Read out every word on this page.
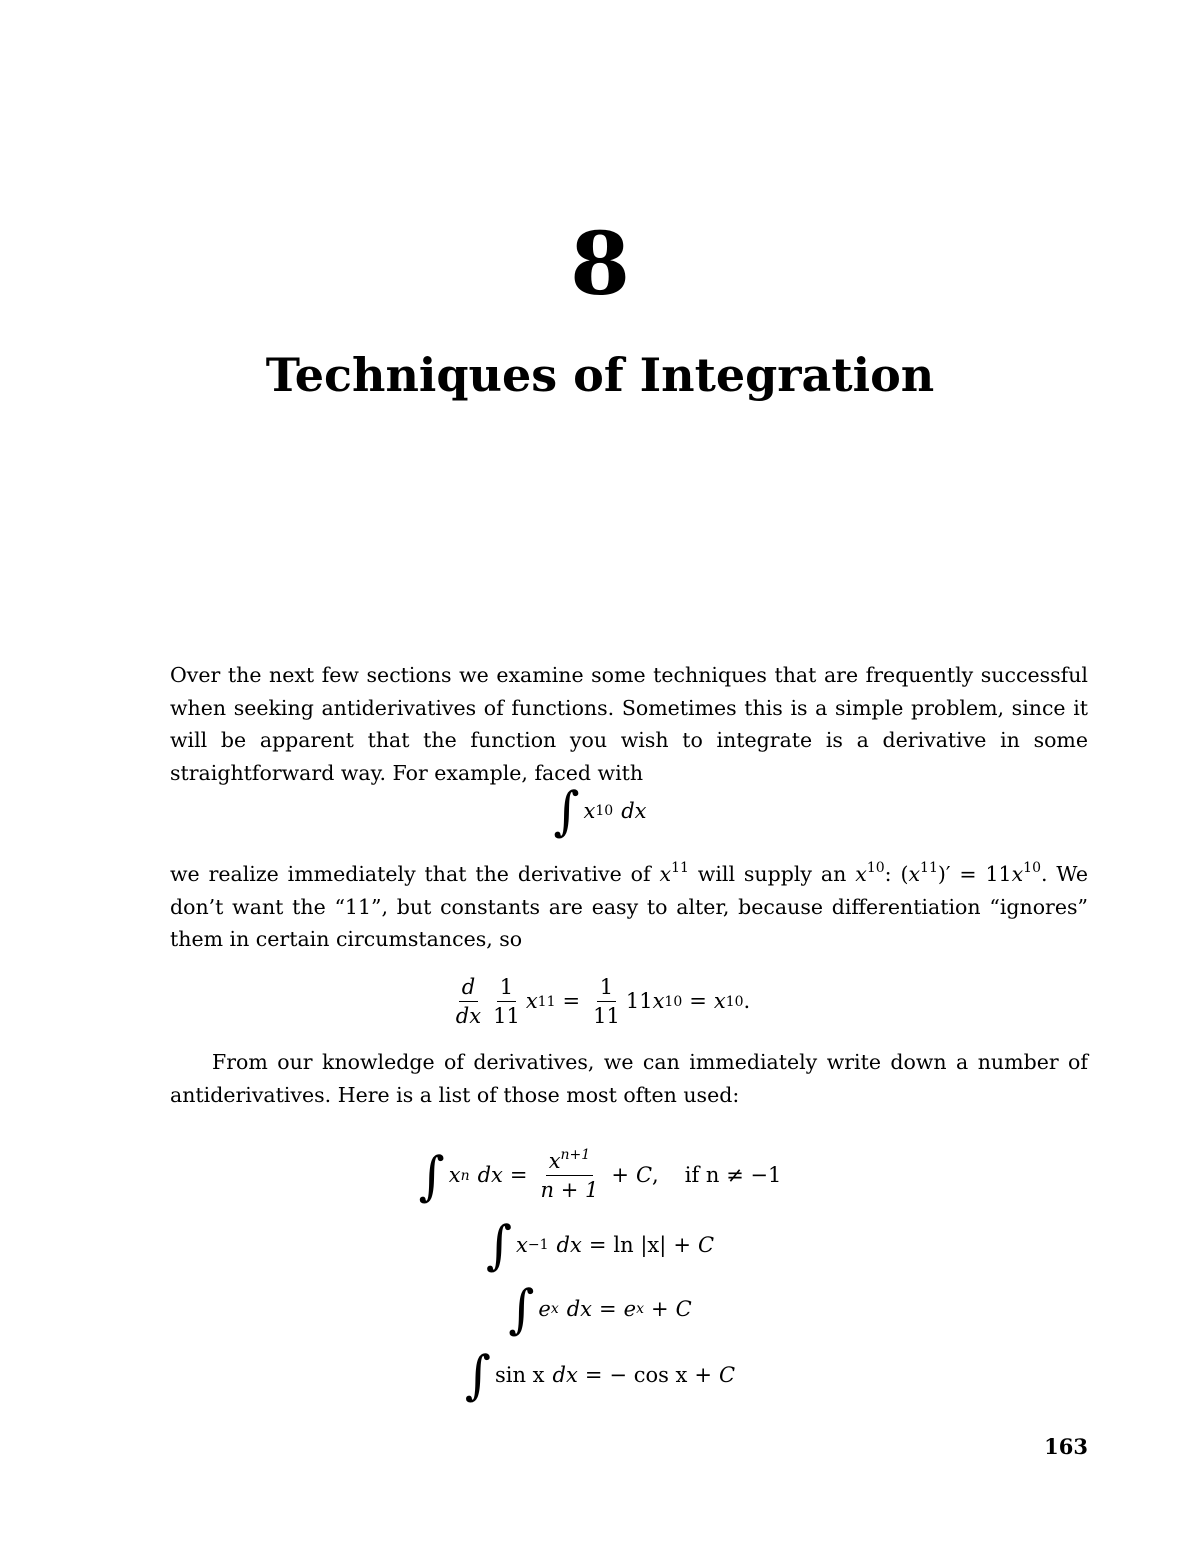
8
Techniques of Integration
Over the next few sections we examine some techniques that are frequently successful when seeking antiderivatives of functions. Sometimes this is a simple problem, since it will be apparent that the function you wish to integrate is a derivative in some straightforward way. For example, faced with
∫ x 10 dx
we realize immediately that the derivative of $x^{11}$ will supply an $x^{10}$: $(x^{11})' = 11x^{10}$. We don’t want the “11”, but constants are easy to alter, because differentiation “ignores” them in certain circumstances, so
$\frac{d}{dx} \frac{1}{11}$ x $11 = \frac{1}{11} 11$ x 10 = x 10 .
From our knowledge of derivatives, we can immediately write down a number of antiderivatives. Here is a list of those most often used:
∫ x n dx = $\frac{x^{n+1}}{n + 1} + C$ , if n ≠ −1
∫ x −1 dx = ln |x| + C
∫ e x dx = e x + C
∫ sin x dx = − cos x + C
163
